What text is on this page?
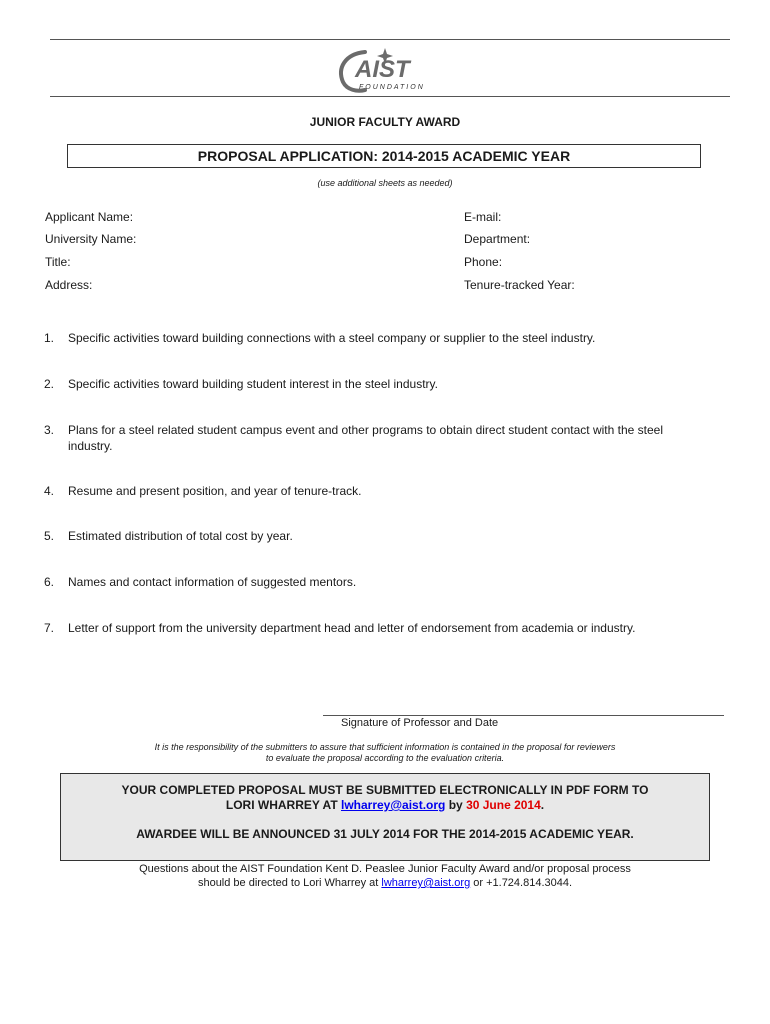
AIST
FOUNDATION
JUNIOR FACULTY AWARD
PROPOSAL APPLICATION: 2014-2015 ACADEMIC YEAR
(use additional sheets as needed)
Applicant Name:
University Name:
Title:
Address:
E-mail:
Department:
Phone:
Tenure-tracked Year:
1. Specific activities toward building connections with a steel company or supplier to the steel industry.
2. Specific activities toward building student interest in the steel industry.
3. Plans for a steel related student campus event and other programs to obtain direct student contact with the steel industry.
4. Resume and present position, and year of tenure-track.
5. Estimated distribution of total cost by year.
6. Names and contact information of suggested mentors.
7. Letter of support from the university department head and letter of endorsement from academia or industry.
Signature of Professor and Date
It is the responsibility of the submitters to assure that sufficient information is contained in the proposal for reviewers
to evaluate the proposal according to the evaluation criteria.
YOUR COMPLETED PROPOSAL MUST BE SUBMITTED ELECTRONICALLY IN PDF FORM TO
LORI WHARREY AT lwharrey@aist.org by 30 June 2014.
AWARDEE WILL BE ANNOUNCED 31 JULY 2014 FOR THE 2014-2015 ACADEMIC YEAR.
Questions about the AIST Foundation Kent D. Peaslee Junior Faculty Award and/or proposal process
should be directed to Lori Wharrey at lwharrey@aist.org or +1.724.814.3044.
